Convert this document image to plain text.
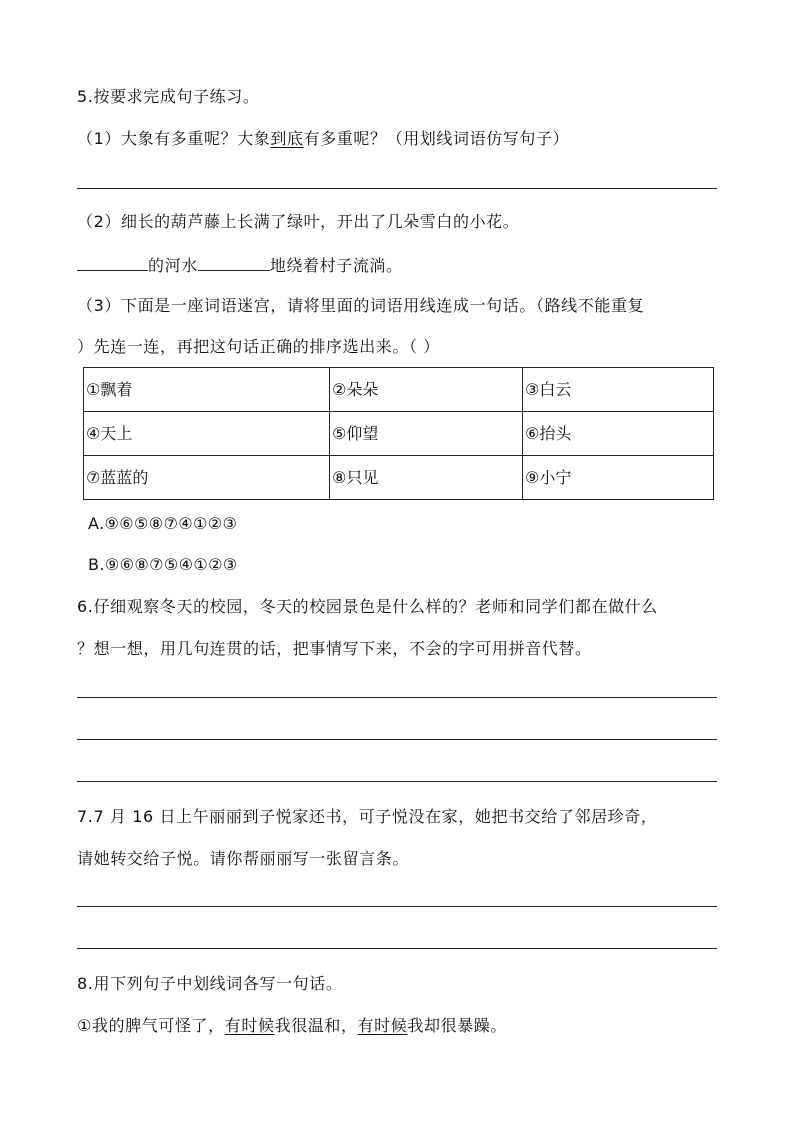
5.按要求完成句子练习。
（1）大象有多重呢？大象到底有多重呢？（用划线词语仿写句子）
（2）细长的葫芦藤上长满了绿叶，开出了几朵雪白的小花。
的河水	地绕着村子流淌。
（3）下面是一座词语迷宫，请将里面的词语用线连成一句话。（路线不能重复
）先连一连，再把这句话正确的排序选出来。（ ）
①飘着	②朵朵	③白云
④天上	⑤仰望	⑥抬头
⑦蓝蓝的	⑧只见	⑨小宁
A.⑨⑥⑤⑧⑦④①②③
B.⑨⑥⑧⑦⑤④①②③
6.仔细观察冬天的校园，冬天的校园景色是什么样的？老师和同学们都在做什么
？想一想，用几句连贯的话，把事情写下来，不会的字可用拼音代替。
7.7 月 16 日上午丽丽到子悦家还书，可子悦没在家，她把书交给了邻居珍奇，
请她转交给子悦。请你帮丽丽写一张留言条。
8.用下列句子中划线词各写一句话。
①我的脾气可怪了，有时候我很温和，有时候我却很暴躁。
